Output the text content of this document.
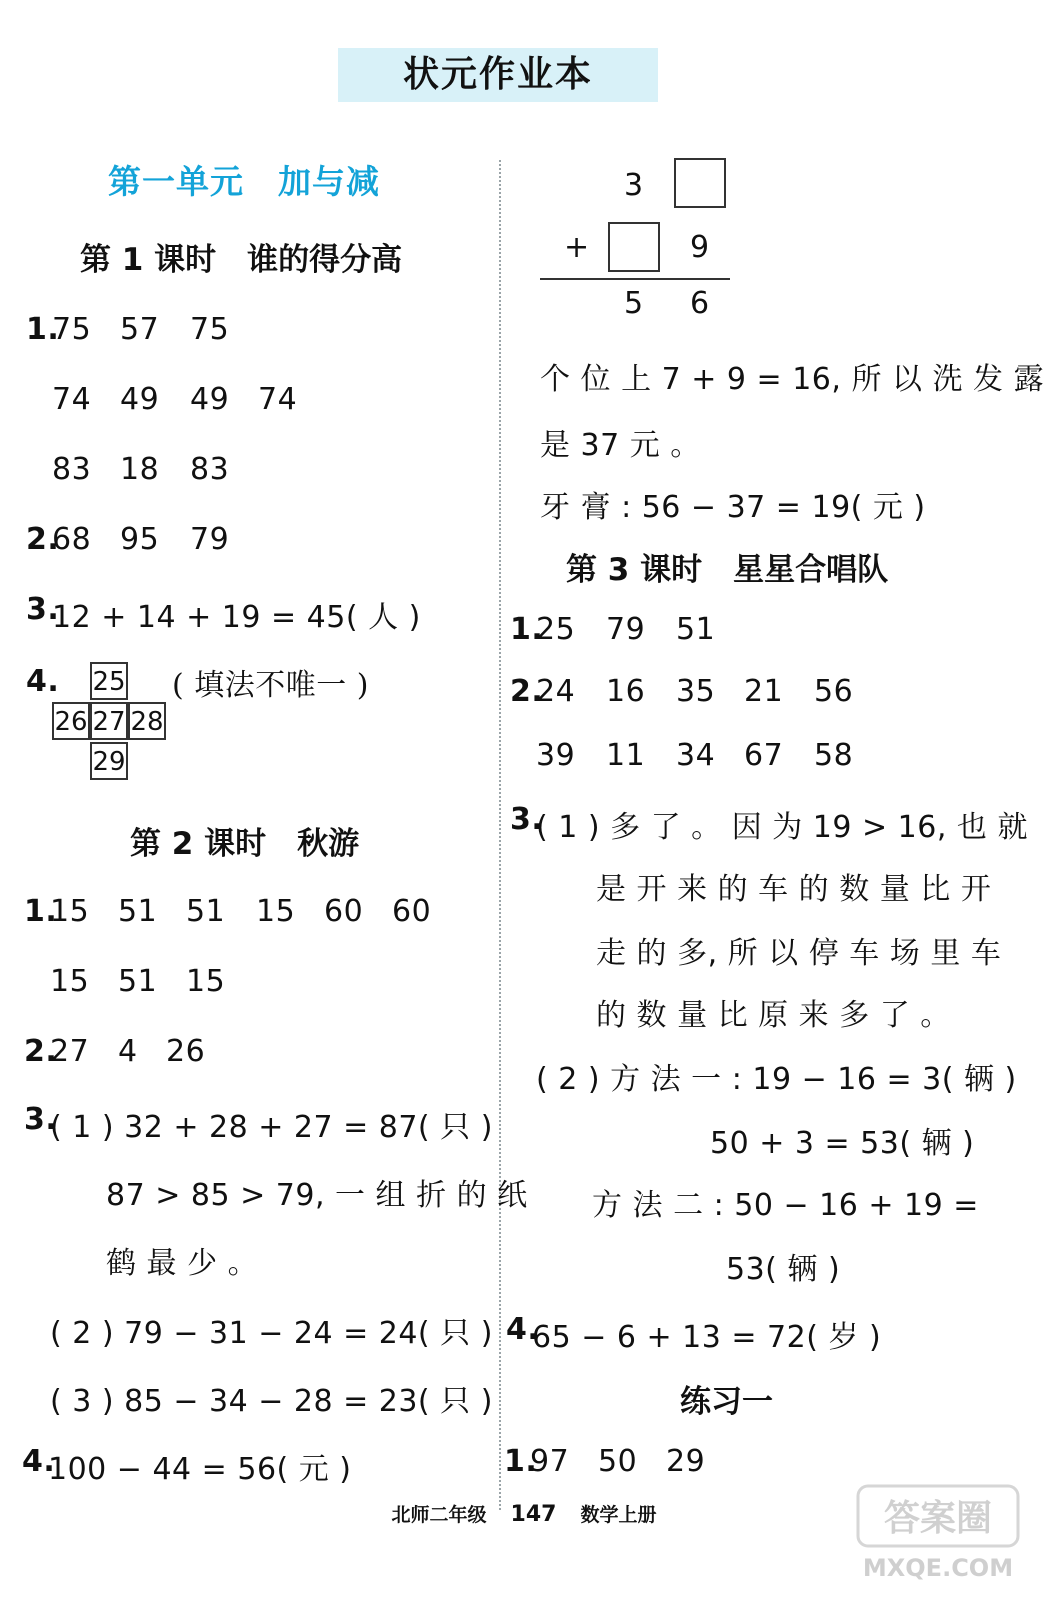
状元作业本
第一单元　加与减
第 1 课时　谁的得分高
1.
75 57 75
74 49 49 74
83 18 83
2.
68 95 79
3.
12 + 14 + 19 = 45( 人 )
4. 25
26 27 28
29
( 填法不唯一 )
第 2 课时　秋游
1.
15 51 51 15 60 60
15 51 15
2.
27 4 26
3.
( 1 ) 32 + 28 + 27 = 87( 只 )
87 > 85 > 79, 一 组 折 的 纸
鹤 最 少 。
( 2 ) 79 − 31 − 24 = 24( 只 )
( 3 ) 85 − 34 − 28 = 23( 只 )
4.
100 − 44 = 56( 元 )
3
+	9
5 6
个 位 上 7 + 9 = 16, 所 以 洗 发 露
是 37 元 。
牙 膏 : 56 − 37 = 19( 元 )
第 3 课时　星星合唱队
1.
25 79 51
2.
24 16 35 21 56
39 11 34 67 58
3.
( 1 ) 多 了 。 因 为 19 > 16, 也 就
是 开 来 的 车 的 数 量 比 开
走 的 多, 所 以 停 车 场 里 车
的 数 量 比 原 来 多 了 。
( 2 ) 方 法 一 : 19 − 16 = 3( 辆 )
50 + 3 = 53( 辆 )
方 法 二 : 50 − 16 + 19 =
53( 辆 )
4.
65 − 6 + 13 = 72( 岁 )
练习一
1.
97 50 29
北师二年级 147 数学上册	答案圈
MXQE.COM
